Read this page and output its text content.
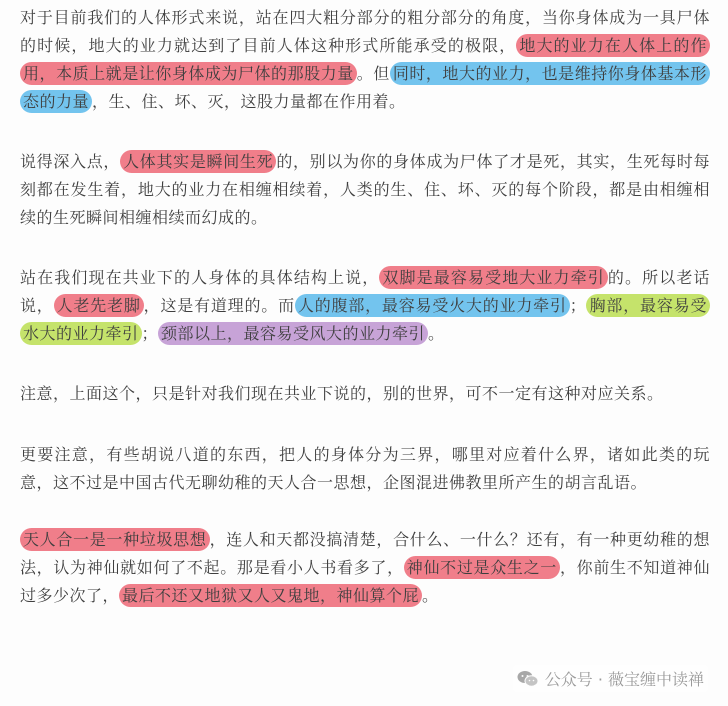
对于目前我们的人体形式来说，站在四大粗分部分的粗分部分的角度，当你身体成为一具尸体的时候，地大的业力就达到了目前人体这种形式所能承受的极限， 地大的业力在人体上的作用，本质上就是让你身体成为尸体的那股力量 。但 同时，地大的业力，也是维持你身体基本形态的力量 ，生、住、坏、灭，这股力量都在作用着。

说得深入点， 人体其实是瞬间生死 的，别以为你的身体成为尸体了才是死，其实，生死每时每刻都在发生着，地大的业力在相缠相续着，人类的生、住、坏、灭的每个阶段，都是由相缠相续的生死瞬间相缠相续而幻成的。

站在我们现在共业下的人身体的具体结构上说， 双脚是最容易受地大业力牵引 的。所以老话说， 人老先老脚 ，这是有道理的。而 人的腹部，最容易受火大的业力牵引 ； 胸部，最容易受水大的业力牵引 ； 颈部以上，最容易受风大的业力牵引 。

注意，上面这个，只是针对我们现在共业下说的，别的世界，可不一定有这种对应关系。

更要注意，有些胡说八道的东西，把人的身体分为三界，哪里对应着什么界，诸如此类的玩意，这不过是中国古代无聊幼稚的天人合一思想，企图混进佛教里所产生的胡言乱语。

天人合一是一种垃圾思想 ，连人和天都没搞清楚，合什么、一什么？还有，有一种更幼稚的想法，认为神仙就如何了不起。那是看小人书看多了， 神仙不过是众生之一 ，你前生不知道神仙过多少次了， 最后不还又地狱又人又鬼地，神仙算个屁 。

公众号 · 薇宝缠中读禅
